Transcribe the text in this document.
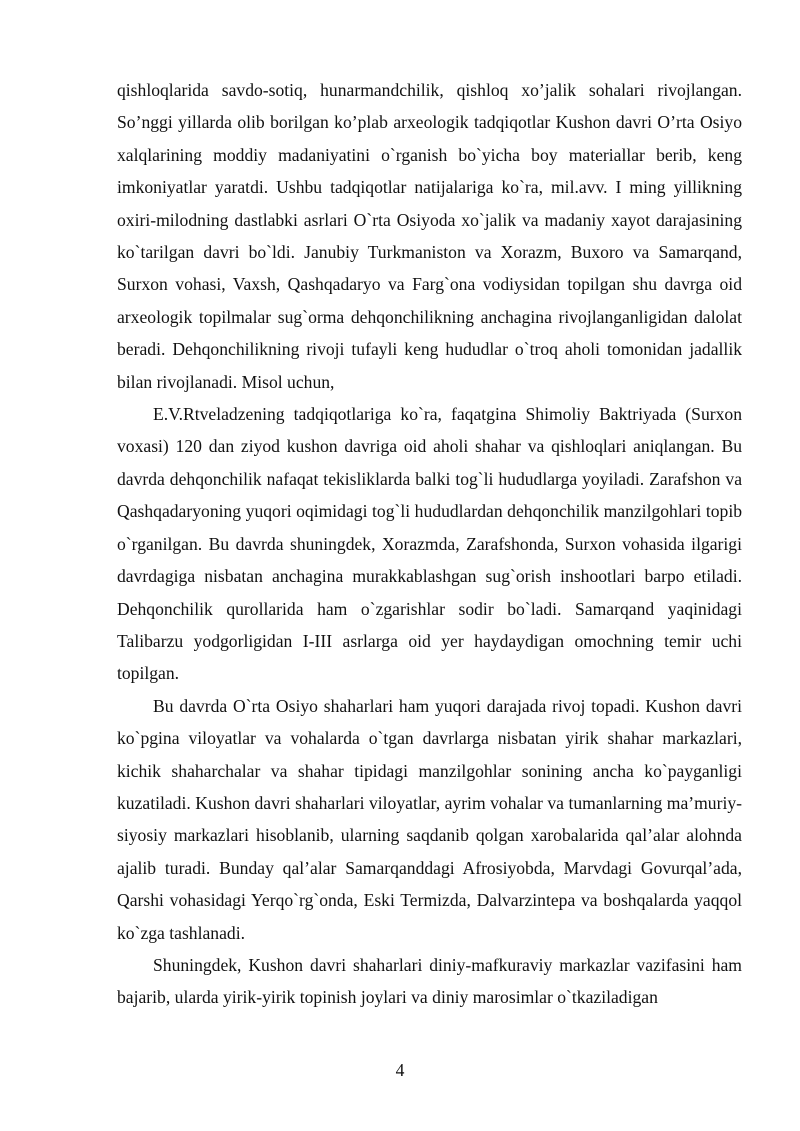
qishloqlarida savdo-sotiq, hunarmandchilik, qishloq xo’jalik sohalari rivojlangan. So’nggi yillarda olib borilgan ko’plab arxeologik tadqiqotlar Kushon davri O’rta Osiyo xalqlarining moddiy madaniyatini o`rganish bo`yicha boy materiallar berib, keng imkoniyatlar yaratdi. Ushbu tadqiqotlar natijalariga ko`ra, mil.avv. I ming yillikning oxiri-milodning dastlabki asrlari O`rta Osiyoda xo`jalik va madaniy xayot darajasining ko`tarilgan davri bo`ldi. Janubiy Turkmaniston va Xorazm, Buxoro va Samarqand, Surxon vohasi, Vaxsh, Qashqadaryo va Farg`ona vodiysidan topilgan shu davrga oid arxeologik topilmalar sug`orma dehqonchilikning anchagina rivojlanganligidan dalolat beradi. Dehqonchilikning rivoji tufayli keng hududlar o`troq aholi tomonidan jadallik bilan rivojlanadi. Misol uchun,

E.V.Rtveladzening tadqiqotlariga ko`ra, faqatgina Shimoliy Baktriyada (Surxon voxasi) 120 dan ziyod kushon davriga oid aholi shahar va qishloqlari aniqlangan. Bu davrda dehqonchilik nafaqat tekisliklarda balki tog`li hududlarga yoyiladi. Zarafshon va Qashqadaryoning yuqori oqimidagi tog`li hududlardan dehqonchilik manzilgohlari topib o`rganilgan. Bu davrda shuningdek, Xorazmda, Zarafshonda, Surxon vohasida ilgarigi davrdagiga nisbatan anchagina murakkablashgan sug`orish inshootlari barpo etiladi. Dehqonchilik qurollarida ham o`zgarishlar sodir bo`ladi. Samarqand yaqinidagi Talibarzu yodgorligidan I-III asrlarga oid yer haydaydigan omochning temir uchi topilgan.

Bu davrda O`rta Osiyo shaharlari ham yuqori darajada rivoj topadi. Kushon davri ko`pgina viloyatlar va vohalarda o`tgan davrlarga nisbatan yirik shahar markazlari, kichik shaharchalar va shahar tipidagi manzilgohlar sonining ancha ko`payganligi kuzatiladi. Kushon davri shaharlari viloyatlar, ayrim vohalar va tumanlarning ma’muriy-siyosiy markazlari hisoblanib, ularning saqdanib qolgan xarobalarida qal’alar alohnda ajalib turadi. Bunday qal’alar Samarqanddagi Afrosiyobda, Marvdagi Govurqal’ada, Qarshi vohasidagi Yerqo`rg`onda, Eski Termizda, Dalvarzintepa va boshqalarda yaqqol ko`zga tashlanadi.

Shuningdek, Kushon davri shaharlari diniy-mafkuraviy markazlar vazifasini ham bajarib, ularda yirik-yirik topinish joylari va diniy marosimlar o`tkaziladigan

4
